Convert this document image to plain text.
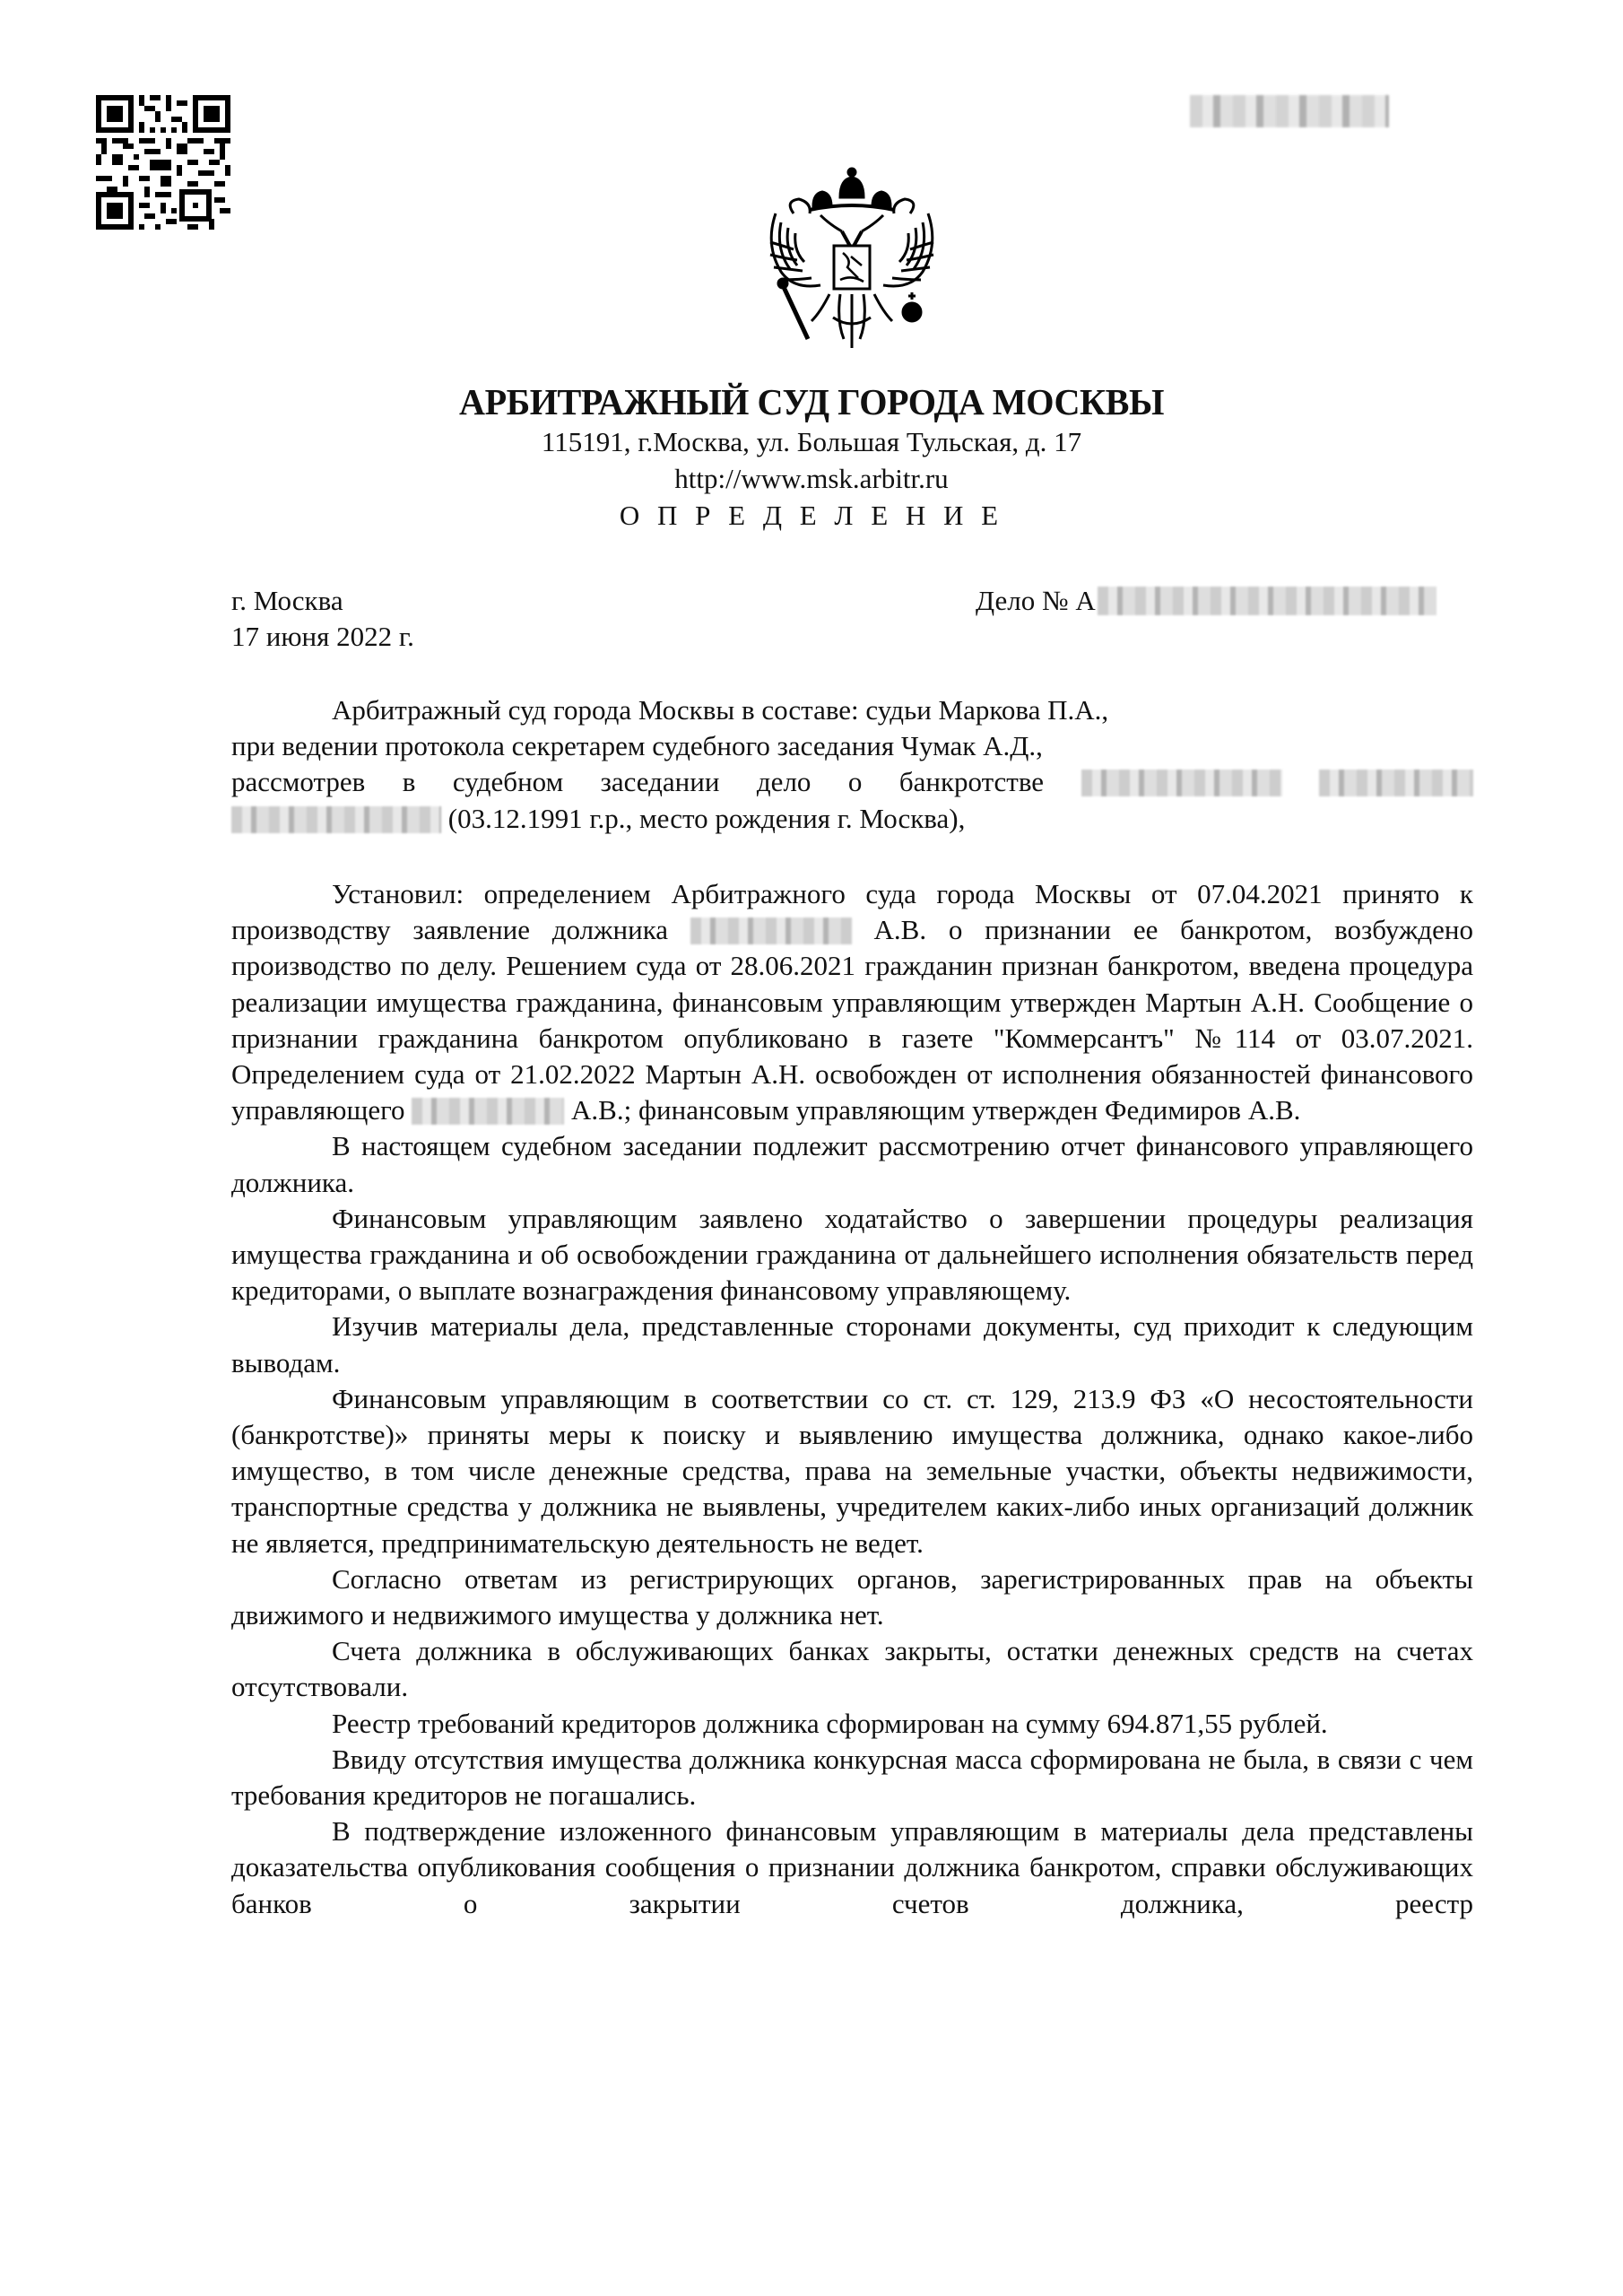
АРБИТРАЖНЫЙ СУД ГОРОДА МОСКВЫ
115191, г.Москва, ул. Большая Тульская, д. 17
http://www.msk.arbitr.ru
О П Р Е Д Е Л Е Н И Е
г. Москва
17 июня 2022 г.
Дело № А

Арбитражный суд города Москвы в составе: судьи Маркова П.А.,

при ведении протокола секретарем судебного заседания Чумак А.Д.,

рассмотрев в судебном заседании дело о банкротстве

(03.12.1991 г.р., место рождения г. Москва),

Установил: определением Арбитражного суда города Москвы от 07.04.2021 принято к производству заявление должника	А.В. о признании ее банкротом, возбуждено производство по делу. Решением суда от 28.06.2021 гражданин признан банкротом, введена процедура реализации имущества гражданина, финансовым управляющим утвержден Мартын А.Н. Сообщение о признании гражданина банкротом опубликовано в газете "Коммерсантъ" №114 от 03.07.2021. Определением суда от 21.02.2022 Мартын А.Н. освобожден от исполнения обязанностей финансового управляющего	А.В.; финансовым управляющим утвержден Федимиров А.В.

В настоящем судебном заседании подлежит рассмотрению отчет финансового управляющего должника.

Финансовым управляющим заявлено ходатайство о завершении процедуры реализация имущества гражданина и об освобождении гражданина от дальнейшего исполнения обязательств перед кредиторами, о выплате вознаграждения финансовому управляющему.

Изучив материалы дела, представленные сторонами документы, суд приходит к следующим выводам.

Финансовым управляющим в соответствии со ст. ст. 129, 213.9 ФЗ «О несостоятельности (банкротстве)» приняты меры к поиску и выявлению имущества должника, однако какое-либо имущество, в том числе денежные средства, права на земельные участки, объекты недвижимости, транспортные средства у должника не выявлены, учредителем каких-либо иных организаций должник не является, предпринимательскую деятельность не ведет.

Согласно ответам из регистрирующих органов, зарегистрированных прав на объекты движимого и недвижимого имущества у должника нет.

Счета должника в обслуживающих банках закрыты, остатки денежных средств на счетах отсутствовали.

Реестр требований кредиторов должника сформирован на сумму 694.871,55 рублей.

Ввиду отсутствия имущества должника конкурсная масса сформирована не была, в связи с чем требования кредиторов не погашались.

В подтверждение изложенного финансовым управляющим в материалы дела представлены доказательства опубликования сообщения о признании должника банкротом, справки обслуживающих банков о закрытии счетов должника, реестр
